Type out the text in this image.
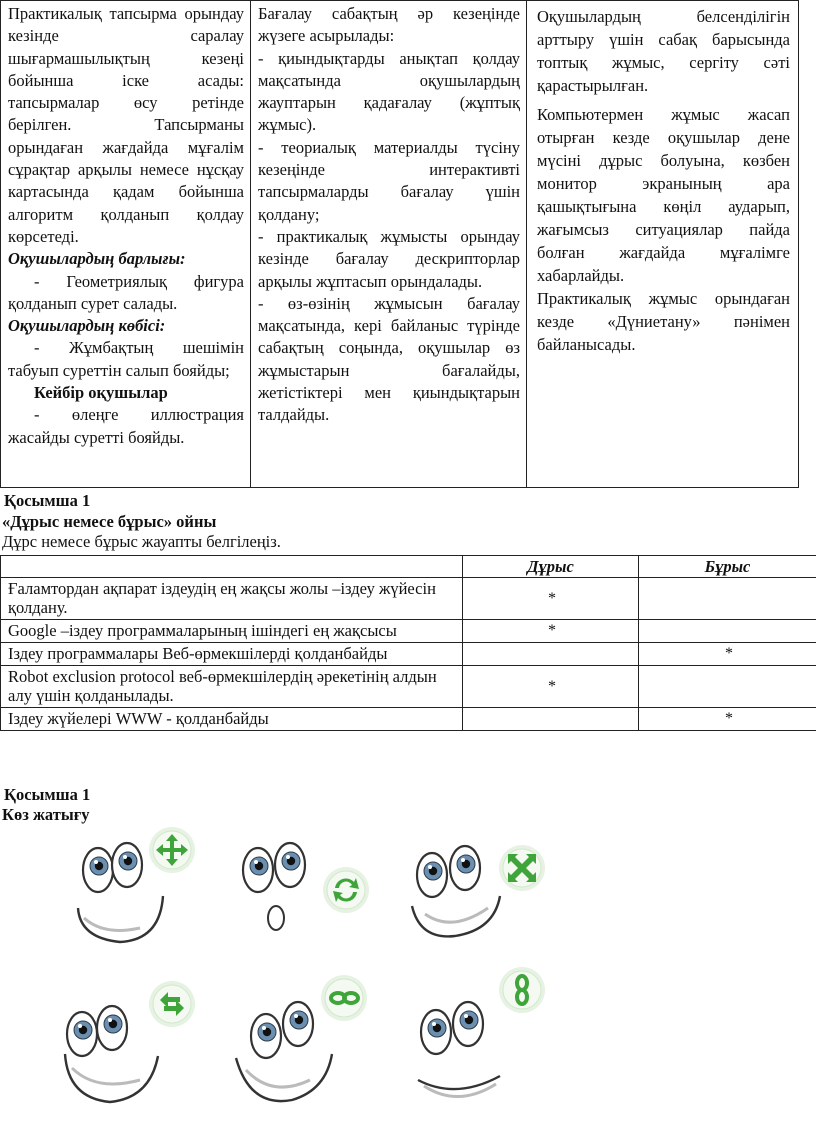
Практикалық тапсырма орындау кезінде саралау шығармашылықтың кезеңі бойынша іске асады: тапсырмалар өсу ретінде берілген. Тапсырманы орындаған жағдайда мұғалім сұрақтар арқылы немесе нұсқау картасында қадам бойынша алгоритм қолданып қолдау көрсетеді.
Оқушылардың барлығы:
- Геометриялық фигура қолданып сурет салады.
Оқушылардың көбісі:
- Жұмбақтың шешімін табуып суреттін салып бояйды;
Кейбір оқушылар
- өлеңге иллюстрация жасайды суретті бояйды.

Бағалау сабақтың әр кезеңінде жүзеге асырылады:
- қиындықтарды анықтап қолдау мақсатында оқушылардың жауптарын қадағалау (жұптық жұмыс).
- теориалық материалды түсіну кезеңінде интерактивті тапсырмаларды бағалау үшін қолдану;
- практикалық жұмысты орындау кезінде бағалау дескрипторлар арқылы жұптасып орындалады.
- өз-өзінің жұмысын бағалау мақсатында, кері байланыс түрінде сабақтың соңында, оқушылар өз жұмыстарын бағалайды, жетістіктері мен қиындықтарын талдайды.

Оқушылардың белсенділігін арттыру үшін сабақ барысында топтық жұмыс, сергіту сәті қарастырылған.
Компьютермен жұмыс жасап отырған кезде оқушылар дене мүсіні дұрыс болуына, көзбен монитор экранының ара қашықтығына көңіл аударып, жағымсыз ситуациялар пайда болған жағдайда мұғалімге хабарлайды.
Практикалық жұмыс орындаған кезде «Дүниетану» пәнімен байланысады.
Қосымша 1
«Дұрыс немесе бұрыс» ойны
Дұрс немесе бұрыс жауапты белгілеңіз.
	Дұрыс	Бұрыс
Ғаламтордан ақпарат іздеудің ең жақсы жолы –іздеу жүйесін қолдану.	*	
Google –іздеу программаларының ішіндегі ең жақсысы	*	
Іздеу программалары Веб-өрмекшілерді қолданбайды		*
Robot exclusion protocol веб-өрмекшілердің әрекетінің алдын алу үшін қолданылады.	*	
Іздеу жүйелері WWW - қолданбайды		*
Қосымша 1
Көз жатығу
